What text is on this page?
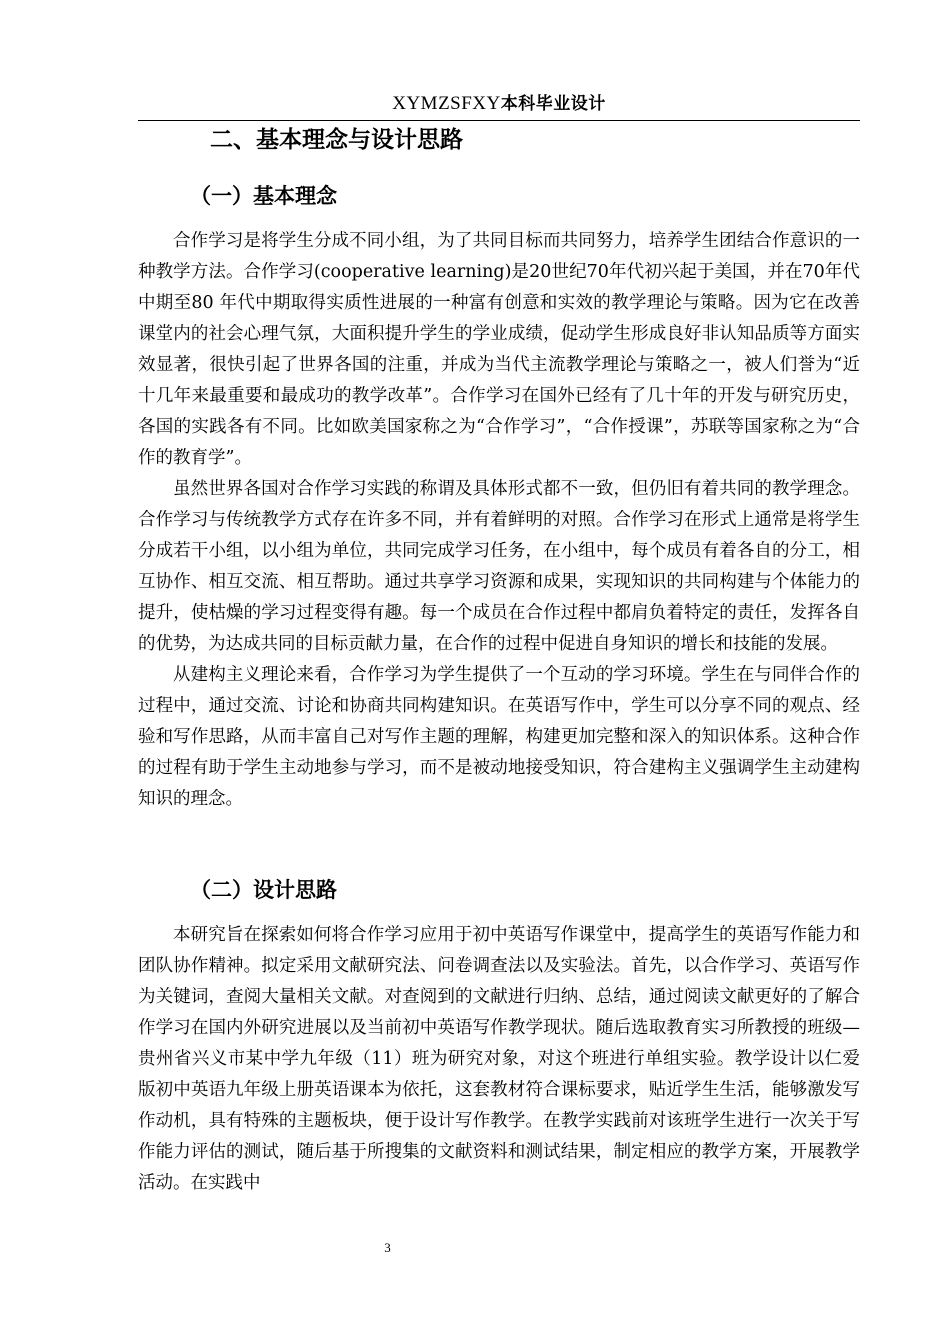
XYMZSFXY本科毕业设计
二、基本理念与设计思路
（一）基本理念

合作学习是将学生分成不同小组，为了共同目标而共同努力，培养学生团结合作意识的一种教学方法。合作学习(cooperative learning)是20世纪70年代初兴起于美国，并在70年代中期至80 年代中期取得实质性进展的一种富有创意和实效的教学理论与策略。因为它在改善课堂内的社会心理气氛，大面积提升学生的学业成绩，促动学生形成良好非认知品质等方面实效显著，很快引起了世界各国的注重，并成为当代主流教学理论与策略之一，被人们誉为“近十几年来最重要和最成功的教学改革”。合作学习在国外已经有了几十年的开发与研究历史，各国的实践各有不同。比如欧美国家称之为“合作学习”，“合作授课”，苏联等国家称之为“合作的教育学”。

虽然世界各国对合作学习实践的称谓及具体形式都不一致，但仍旧有着共同的教学理念。合作学习与传统教学方式存在许多不同，并有着鲜明的对照。合作学习在形式上通常是将学生分成若干小组，以小组为单位，共同完成学习任务，在小组中，每个成员有着各自的分工，相互协作、相互交流、相互帮助。通过共享学习资源和成果，实现知识的共同构建与个体能力的提升，使枯燥的学习过程变得有趣。每一个成员在合作过程中都肩负着特定的责任，发挥各自的优势，为达成共同的目标贡献力量，在合作的过程中促进自身知识的增长和技能的发展。

从建构主义理论来看，合作学习为学生提供了一个互动的学习环境。学生在与同伴合作的过程中，通过交流、讨论和协商共同构建知识。在英语写作中，学生可以分享不同的观点、经验和写作思路，从而丰富自己对写作主题的理解，构建更加完整和深入的知识体系。这种合作的过程有助于学生主动地参与学习，而不是被动地接受知识，符合建构主义强调学生主动建构知识的理念。

（二）设计思路

本研究旨在探索如何将合作学习应用于初中英语写作课堂中，提高学生的英语写作能力和团队协作精神。拟定采用文献研究法、问卷调查法以及实验法。首先，以合作学习、英语写作为关键词，查阅大量相关文献。对查阅到的文献进行归纳、总结，通过阅读文献更好的了解合作学习在国内外研究进展以及当前初中英语写作教学现状。随后选取教育实习所教授的班级—贵州省兴义市某中学九年级（11）班为研究对象，对这个班进行单组实验。教学设计以仁爱版初中英语九年级上册英语课本为依托，这套教材符合课标要求，贴近学生生活，能够激发写作动机，具有特殊的主题板块，便于设计写作教学。在教学实践前对该班学生进行一次关于写作能力评估的测试，随后基于所搜集的文献资料和测试结果，制定相应的教学方案，开展教学活动。在实践中

3
